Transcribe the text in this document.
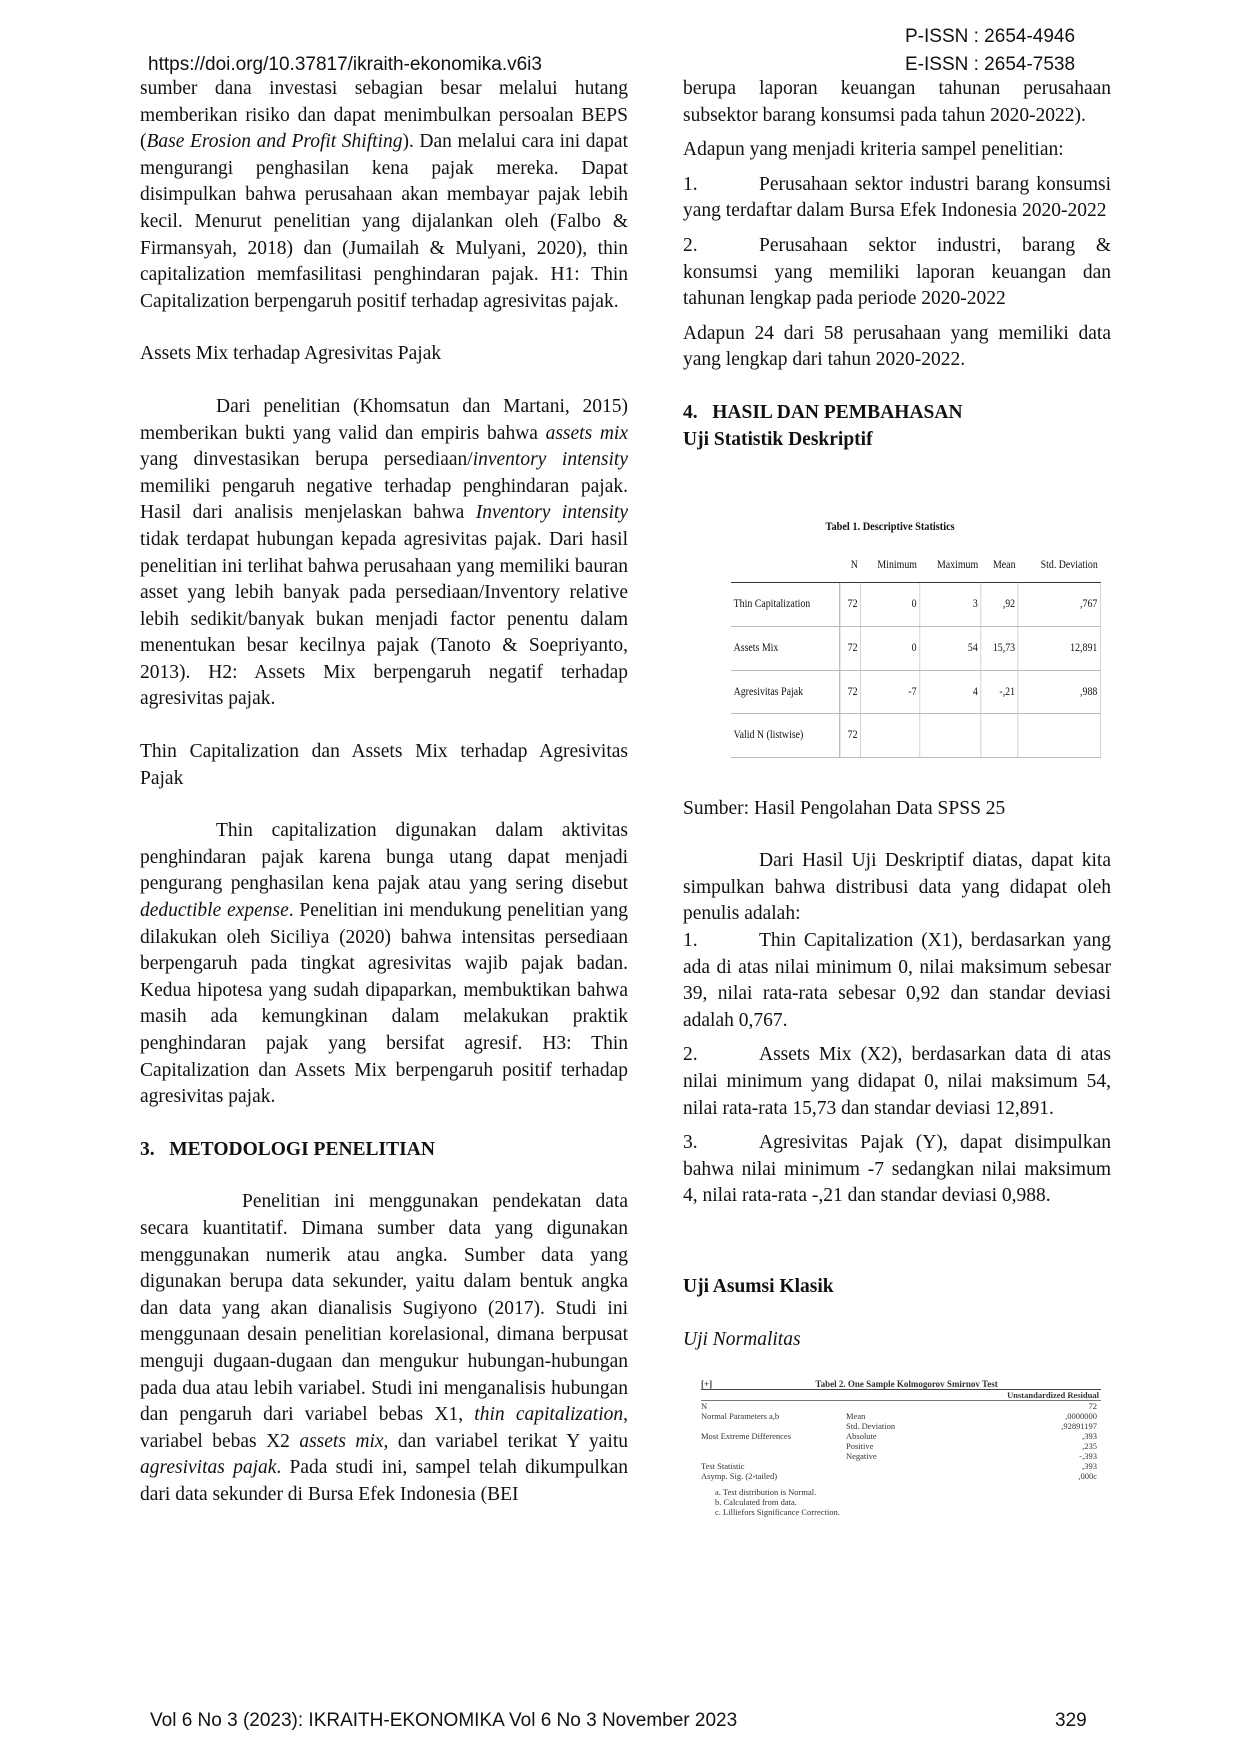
https://doi.org/10.37817/ikraith-ekonomika.v6i3
P-ISSN : 2654-4946
E-ISSN : 2654-7538

sumber dana investasi sebagian besar melalui hutang memberikan risiko dan dapat menimbulkan persoalan BEPS (Base Erosion and Profit Shifting). Dan melalui cara ini dapat mengurangi penghasilan kena pajak mereka. Dapat disimpulkan bahwa perusahaan akan membayar pajak lebih kecil. Menurut penelitian yang dijalankan oleh (Falbo & Firmansyah, 2018) dan (Jumailah & Mulyani, 2020), thin capitalization memfasilitasi penghindaran pajak. H1: Thin Capitalization berpengaruh positif terhadap agresivitas pajak.

Assets Mix terhadap Agresivitas Pajak

Dari penelitian (Khomsatun dan Martani, 2015) memberikan bukti yang valid dan empiris bahwa assets mix yang dinvestasikan berupa persediaan/inventory intensity memiliki pengaruh negative terhadap penghindaran pajak. Hasil dari analisis menjelaskan bahwa Inventory intensity tidak terdapat hubungan kepada agresivitas pajak. Dari hasil penelitian ini terlihat bahwa perusahaan yang memiliki bauran asset yang lebih banyak pada persediaan/Inventory relative lebih sedikit/banyak bukan menjadi factor penentu dalam menentukan besar kecilnya pajak (Tanoto & Soepriyanto, 2013). H2: Assets Mix berpengaruh negatif terhadap agresivitas pajak.

Thin Capitalization dan Assets Mix terhadap Agresivitas Pajak

Thin capitalization digunakan dalam aktivitas penghindaran pajak karena bunga utang dapat menjadi pengurang penghasilan kena pajak atau yang sering disebut deductible expense. Penelitian ini mendukung penelitian yang dilakukan oleh Siciliya (2020) bahwa intensitas persediaan berpengaruh pada tingkat agresivitas wajib pajak badan. Kedua hipotesa yang sudah dipaparkan, membuktikan bahwa masih ada kemungkinan dalam melakukan praktik penghindaran pajak yang bersifat agresif. H3: Thin Capitalization dan Assets Mix berpengaruh positif terhadap agresivitas pajak.

3.   METODOLOGI PENELITIAN

Penelitian ini menggunakan pendekatan data secara kuantitatif. Dimana sumber data yang digunakan menggunakan numerik atau angka. Sumber data yang digunakan berupa data sekunder, yaitu dalam bentuk angka dan data yang akan dianalisis Sugiyono (2017). Studi ini menggunaan desain penelitian korelasional, dimana berpusat menguji dugaan-dugaan dan mengukur hubungan-hubungan pada dua atau lebih variabel. Studi ini menganalisis hubungan dan pengaruh dari variabel bebas X1, thin capitalization, variabel bebas X2 assets mix, dan variabel terikat Y yaitu agresivitas pajak. Pada studi ini, sampel telah dikumpulkan dari data sekunder di Bursa Efek Indonesia (BEI

berupa laporan keuangan tahunan perusahaan subsektor barang konsumsi pada tahun 2020-2022).

Adapun yang menjadi kriteria sampel penelitian:

1.	Perusahaan sektor industri barang konsumsi yang terdaftar dalam Bursa Efek Indonesia 2020-2022

2.	Perusahaan sektor industri, barang & konsumsi yang memiliki laporan keuangan dan tahunan lengkap pada periode 2020-2022

Adapun 24 dari 58 perusahaan yang memiliki data yang lengkap dari tahun 2020-2022.

4.   HASIL DAN PEMBAHASAN

Uji Statistik Deskriptif

Tabel 1. Descriptive Statistics
	N	Minimum	Maximum	Mean	Std. Deviation
Thin Capitalization	72	0	3	,92	,767
Assets Mix	72	0	54	15,73	12,891
Agresivitas Pajak	72	-7	4	-,21	,988
Valid N (listwise)	72				

Sumber: Hasil Pengolahan Data SPSS 25

Dari Hasil Uji Deskriptif diatas, dapat kita simpulkan bahwa distribusi data yang didapat oleh penulis adalah:

1.	Thin Capitalization (X1), berdasarkan yang ada di atas nilai minimum 0, nilai maksimum sebesar 39, nilai rata-rata sebesar 0,92 dan standar deviasi adalah 0,767.

2.	Assets Mix (X2), berdasarkan data di atas nilai minimum yang didapat 0, nilai maksimum 54, nilai rata-rata 15,73 dan standar deviasi 12,891.

3.	Agresivitas Pajak (Y), dapat disimpulkan bahwa nilai minimum -7 sedangkan nilai maksimum 4, nilai rata-rata -,21 dan standar deviasi 0,988.

Uji Asumsi Klasik

Uji Normalitas

[+]	Tabel 2. One Sample Kolmogorov Smirnov Test
Unstandardized Residual
N	72
Normal Parameters a,b	Mean	,0000000
Std. Deviation	,92891197
Most Extreme Differences	Absolute	,393
Positive	,235
Negative	-,393
Test Statistic	,393
Asymp. Sig. (2-tailed)	,000c
a. Test distribution is Normal.
b. Calculated from data.
c. Lilliefors Significance Correction.
Vol 6 No 3 (2023): IKRAITH-EKONOMIKA Vol 6 No 3 November 2023	329
